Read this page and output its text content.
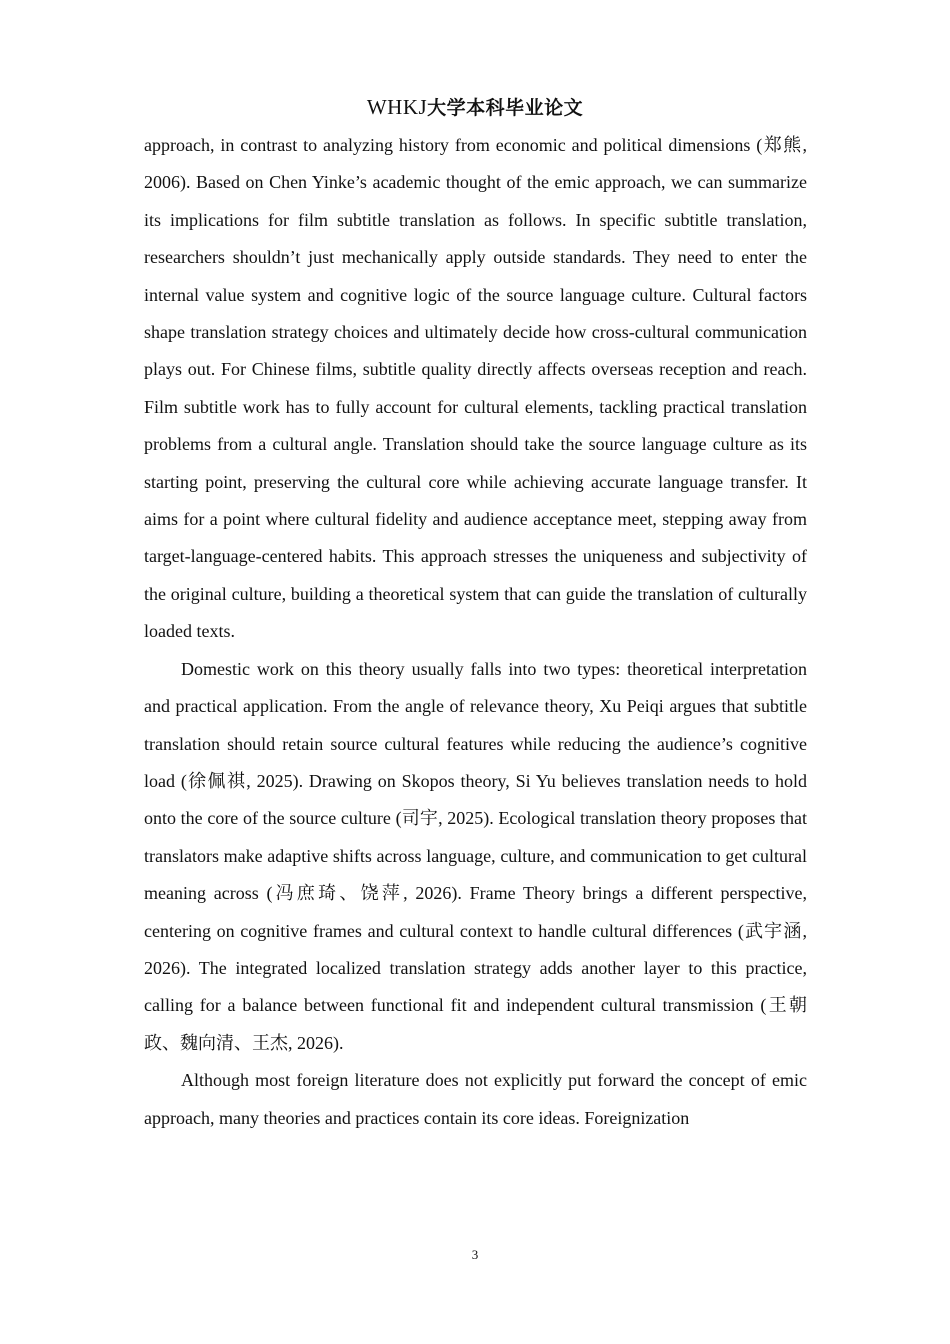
WHKJ大学本科毕业论文

approach, in contrast to analyzing history from economic and political dimensions (郑熊, 2006). Based on Chen Yinke’s academic thought of the emic approach, we can summarize its implications for film subtitle translation as follows. In specific subtitle translation, researchers shouldn’t just mechanically apply outside standards. They need to enter the internal value system and cognitive logic of the source language culture. Cultural factors shape translation strategy choices and ultimately decide how cross-cultural communication plays out. For Chinese films, subtitle quality directly affects overseas reception and reach. Film subtitle work has to fully account for cultural elements, tackling practical translation problems from a cultural angle. Translation should take the source language culture as its starting point, preserving the cultural core while achieving accurate language transfer. It aims for a point where cultural fidelity and audience acceptance meet, stepping away from target-language-centered habits. This approach stresses the uniqueness and subjectivity of the original culture, building a theoretical system that can guide the translation of culturally loaded texts.

Domestic work on this theory usually falls into two types: theoretical interpretation and practical application. From the angle of relevance theory, Xu Peiqi argues that subtitle translation should retain source cultural features while reducing the audience’s cognitive load (徐佩祺, 2025). Drawing on Skopos theory, Si Yu believes translation needs to hold onto the core of the source culture (司宇, 2025). Ecological translation theory proposes that translators make adaptive shifts across language, culture, and communication to get cultural meaning across (冯庶琦、饶萍, 2026). Frame Theory brings a different perspective, centering on cognitive frames and cultural context to handle cultural differences (武宇涵, 2026). The integrated localized translation strategy adds another layer to this practice, calling for a balance between functional fit and independent cultural transmission (王朝政、魏向清、王杰, 2026).

Although most foreign literature does not explicitly put forward the concept of emic approach, many theories and practices contain its core ideas. Foreignization

3
